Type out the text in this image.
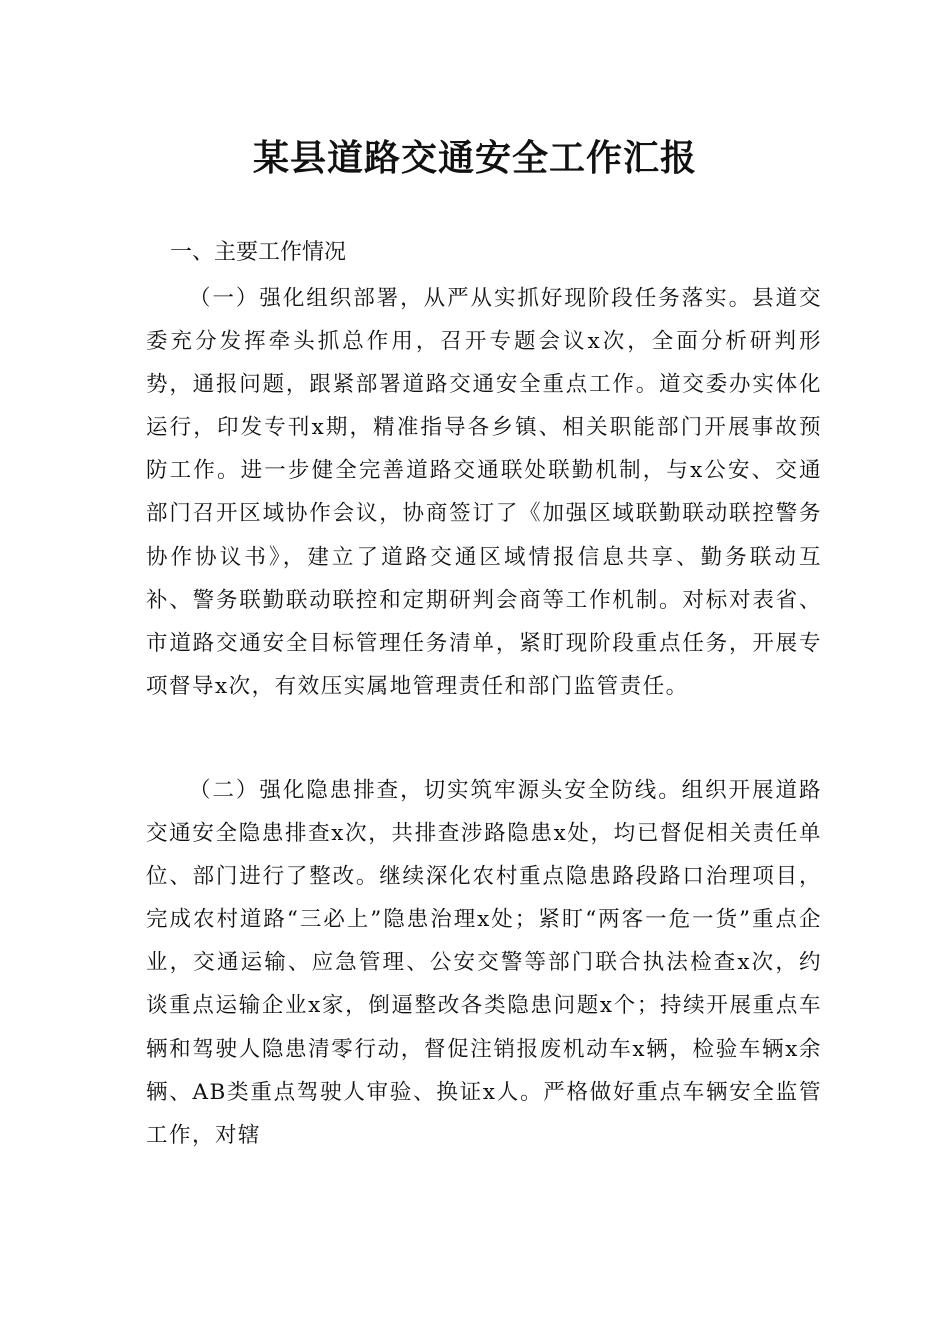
某县道路交通安全工作汇报
一、主要工作情况

（一）强化组织部署，从严从实抓好现阶段任务落实。县道交委充分发挥牵头抓总作用，召开专题会议x次，全面分析研判形势，通报问题，跟紧部署道路交通安全重点工作。道交委办实体化运行，印发专刊x期，精准指导各乡镇、相关职能部门开展事故预防工作。进一步健全完善道路交通联处联勤机制，与x公安、交通部门召开区域协作会议，协商签订了《加强区域联勤联动联控警务协作协议书》，建立了道路交通区域情报信息共享、勤务联动互补、警务联勤联动联控和定期研判会商等工作机制。对标对表省、市道路交通安全目标管理任务清单，紧盯现阶段重点任务，开展专项督导x次，有效压实属地管理责任和部门监管责任。

（二）强化隐患排查，切实筑牢源头安全防线。组织开展道路交通安全隐患排查x次，共排查涉路隐患x处，均已督促相关责任单位、部门进行了整改。继续深化农村重点隐患路段路口治理项目，完成农村道路“三必上”隐患治理x处；紧盯“两客一危一货”重点企业，交通运输、应急管理、公安交警等部门联合执法检查x次，约谈重点运输企业x家，倒逼整改各类隐患问题x个；持续开展重点车辆和驾驶人隐患清零行动，督促注销报废机动车x辆，检验车辆x余辆、AB类重点驾驶人审验、换证x人。严格做好重点车辆安全监管工作，对辖
